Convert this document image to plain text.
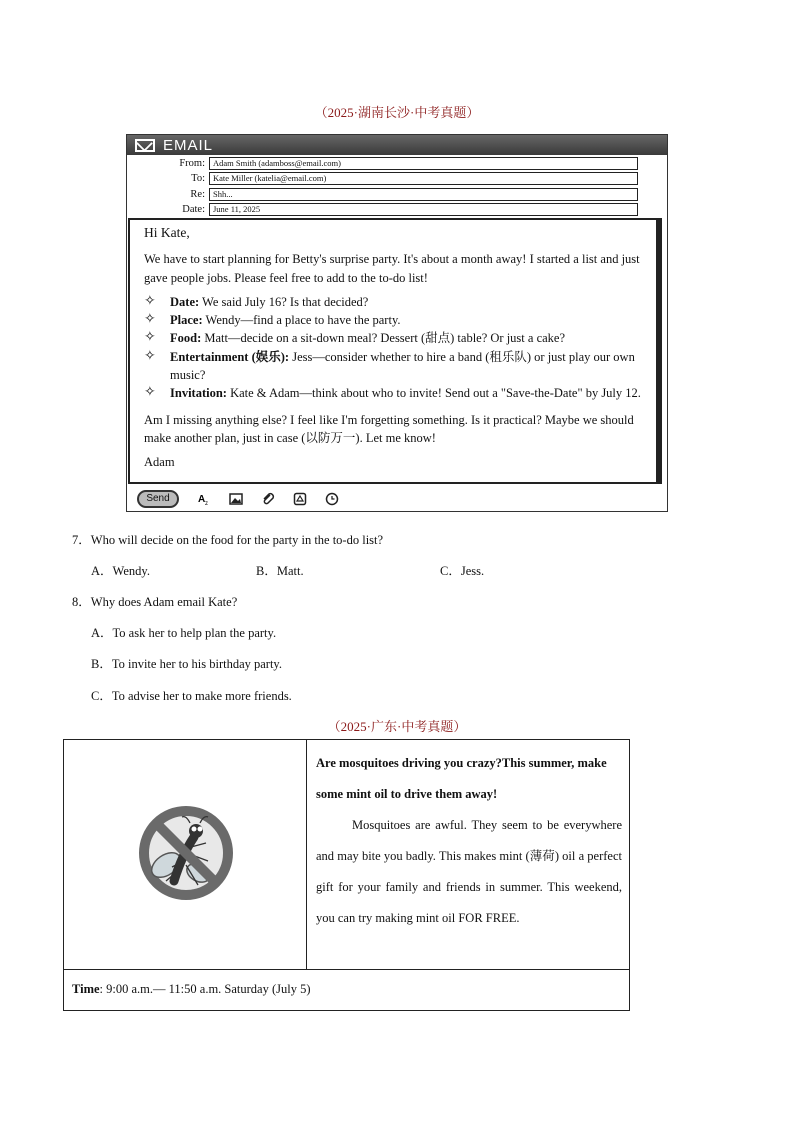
（2025·湖南长沙·中考真题）
EMAIL
From: Adam Smith (adamboss@email.com)
To: Kate Miller (katelia@email.com)
Re: Shh...
Date: June 11, 2025

Hi Kate,

We have to start planning for Betty's surprise party. It's about a month away! I started a list and just gave people jobs. Please feel free to add to the to-do list!

✧ Date: We said July 16? Is that decided?
✧ Place: Wendy—find a place to have the party.
✧ Food: Matt—decide on a sit-down meal? Dessert (甜点) table? Or just a cake?
✧ Entertainment (娱乐): Jess—consider whether to hire a band (租乐队) or just play our own music?
✧ Invitation: Kate & Adam—think about who to invite! Send out a "Save-the-Date" by July 12.

Am I missing anything else? I feel like I'm forgetting something. Is it practical? Maybe we should make another plan, just in case (以防万一). Let me know!

Adam

Send	A z
7．Who will decide on the food for the party in the to-do list?
A．Wendy.	B．Matt.	C．Jess.
8．Why does Adam email Kate?
A．To ask her to help plan the party.
B．To invite her to his birthday party.
C．To advise her to make more friends.
（2025·广东·中考真题）
Are mosquitoes driving you crazy?This summer, make some mint oil to drive them away!

Mosquitoes are awful. They seem to be everywhere and may bite you badly. This makes mint (薄荷) oil a perfect gift for your family and friends in summer. This weekend, you can try making mint oil FOR FREE.

Time: 9:00 a.m.— 11:50 a.m. Saturday (July 5)
